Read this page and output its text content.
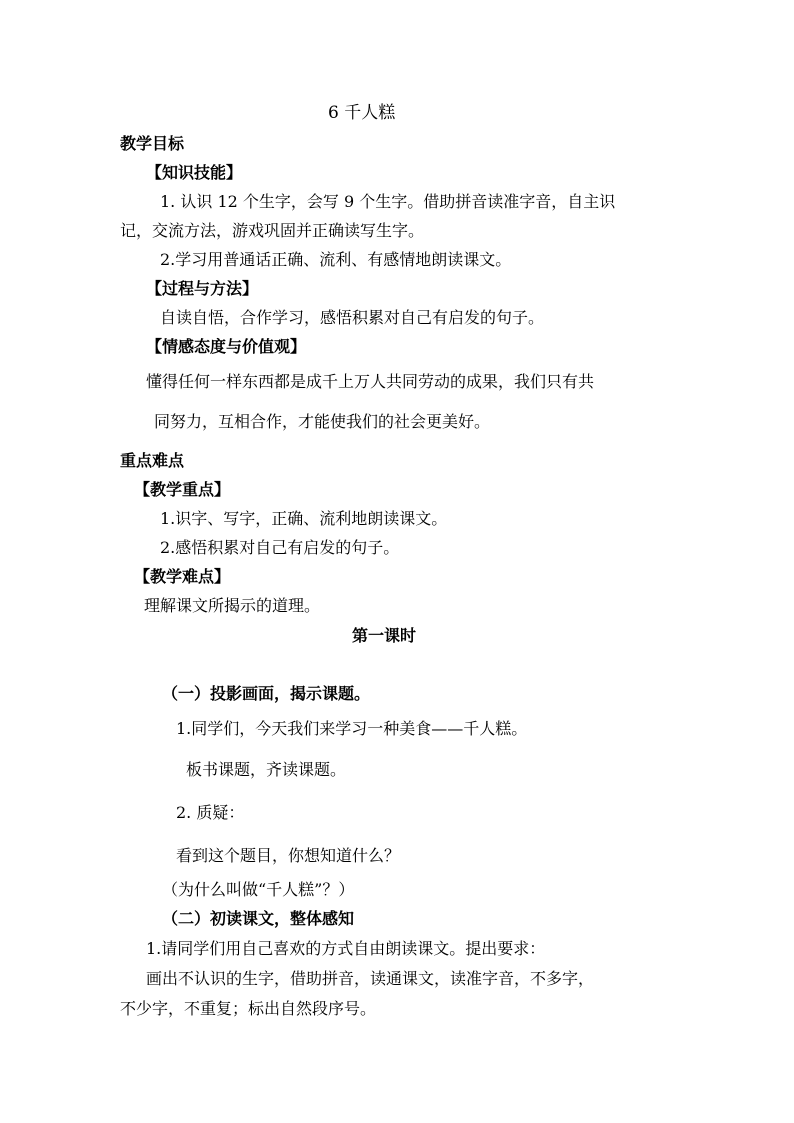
6 千人糕
教学目标
【知识技能】
1. 认识 12 个生字，会写 9 个生字。借助拼音读准字音，自主识
记，交流方法，游戏巩固并正确读写生字。
2.学习用普通话正确、流利、有感情地朗读课文。
【过程与方法】
自读自悟，合作学习，感悟积累对自己有启发的句子。
【情感态度与价值观】
懂得任何一样东西都是成千上万人共同劳动的成果，我们只有共
同努力，互相合作，才能使我们的社会更美好。
重点难点
【教学重点】
1.识字、写字，正确、流利地朗读课文。
2.感悟积累对自己有启发的句子。
【教学难点】
理解课文所揭示的道理。
第一课时
（一）投影画面，揭示课题。
1.同学们，今天我们来学习一种美食——千人糕。
板书课题，齐读课题。
2. 质疑：
看到这个题目，你想知道什么？
（为什么叫做“千人糕”？）
（二）初读课文，整体感知
1.请同学们用自己喜欢的方式自由朗读课文。提出要求：
画出不认识的生字，借助拼音，读通课文，读准字音，不多字，
不少字，不重复；标出自然段序号。
